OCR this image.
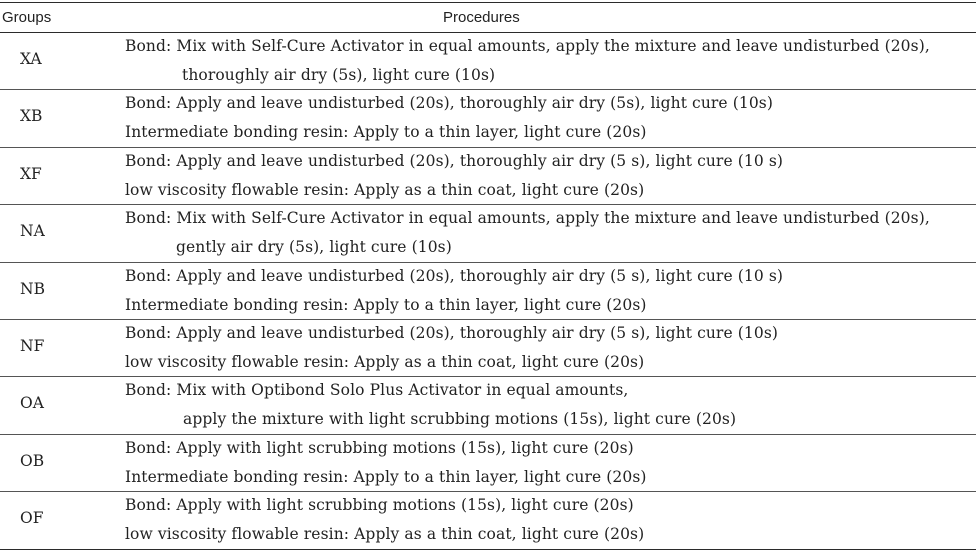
Groups	Procedures
XA
Bond: Mix with Self-Cure Activator in equal amounts, apply the mixture and leave undisturbed (20s),
thoroughly air dry (5s), light cure (10s)
XB
Bond: Apply and leave undisturbed (20s), thoroughly air dry (5s), light cure (10s)
Intermediate bonding resin: Apply to a thin layer, light cure (20s)
XF
Bond: Apply and leave undisturbed (20s), thoroughly air dry (5 s), light cure (10 s)
low viscosity flowable resin: Apply as a thin coat, light cure (20s)
NA
Bond: Mix with Self-Cure Activator in equal amounts, apply the mixture and leave undisturbed (20s),
gently air dry (5s), light cure (10s)
NB
Bond: Apply and leave undisturbed (20s), thoroughly air dry (5 s), light cure (10 s)
Intermediate bonding resin: Apply to a thin layer, light cure (20s)
NF
Bond: Apply and leave undisturbed (20s), thoroughly air dry (5 s), light cure (10s)
low viscosity flowable resin: Apply as a thin coat, light cure (20s)
OA
Bond: Mix with Optibond Solo Plus Activator in equal amounts,
apply the mixture with light scrubbing motions (15s), light cure (20s)
OB
Bond: Apply with light scrubbing motions (15s), light cure (20s)
Intermediate bonding resin: Apply to a thin layer, light cure (20s)
OF
Bond: Apply with light scrubbing motions (15s), light cure (20s)
low viscosity flowable resin: Apply as a thin coat, light cure (20s)
